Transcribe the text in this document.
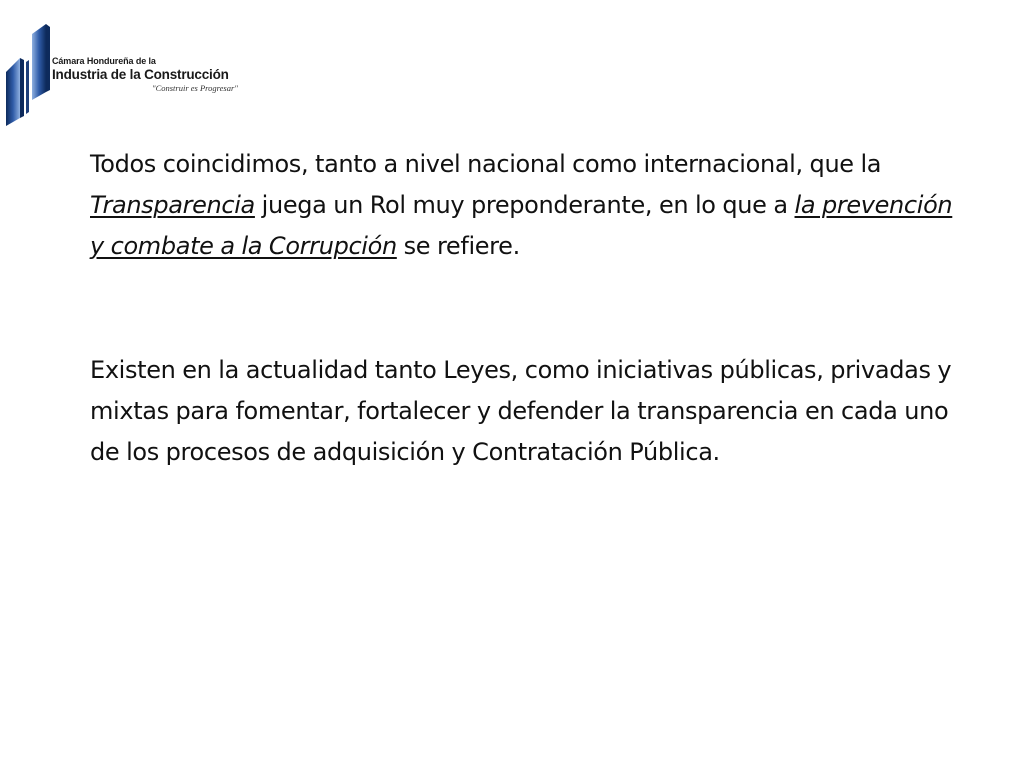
Cámara Hondureña de la
Industria de la Construcción
"Construir es Progresar"

Todos coincidimos, tanto a nivel nacional como internacional, que la Transparencia juega un Rol muy preponderante, en lo que a la prevención y combate a la Corrupción se refiere.

Existen en la actualidad tanto Leyes, como iniciativas públicas, privadas y mixtas para fomentar, fortalecer y defender la transparencia en cada uno de los procesos de adquisición y Contratación Pública.
